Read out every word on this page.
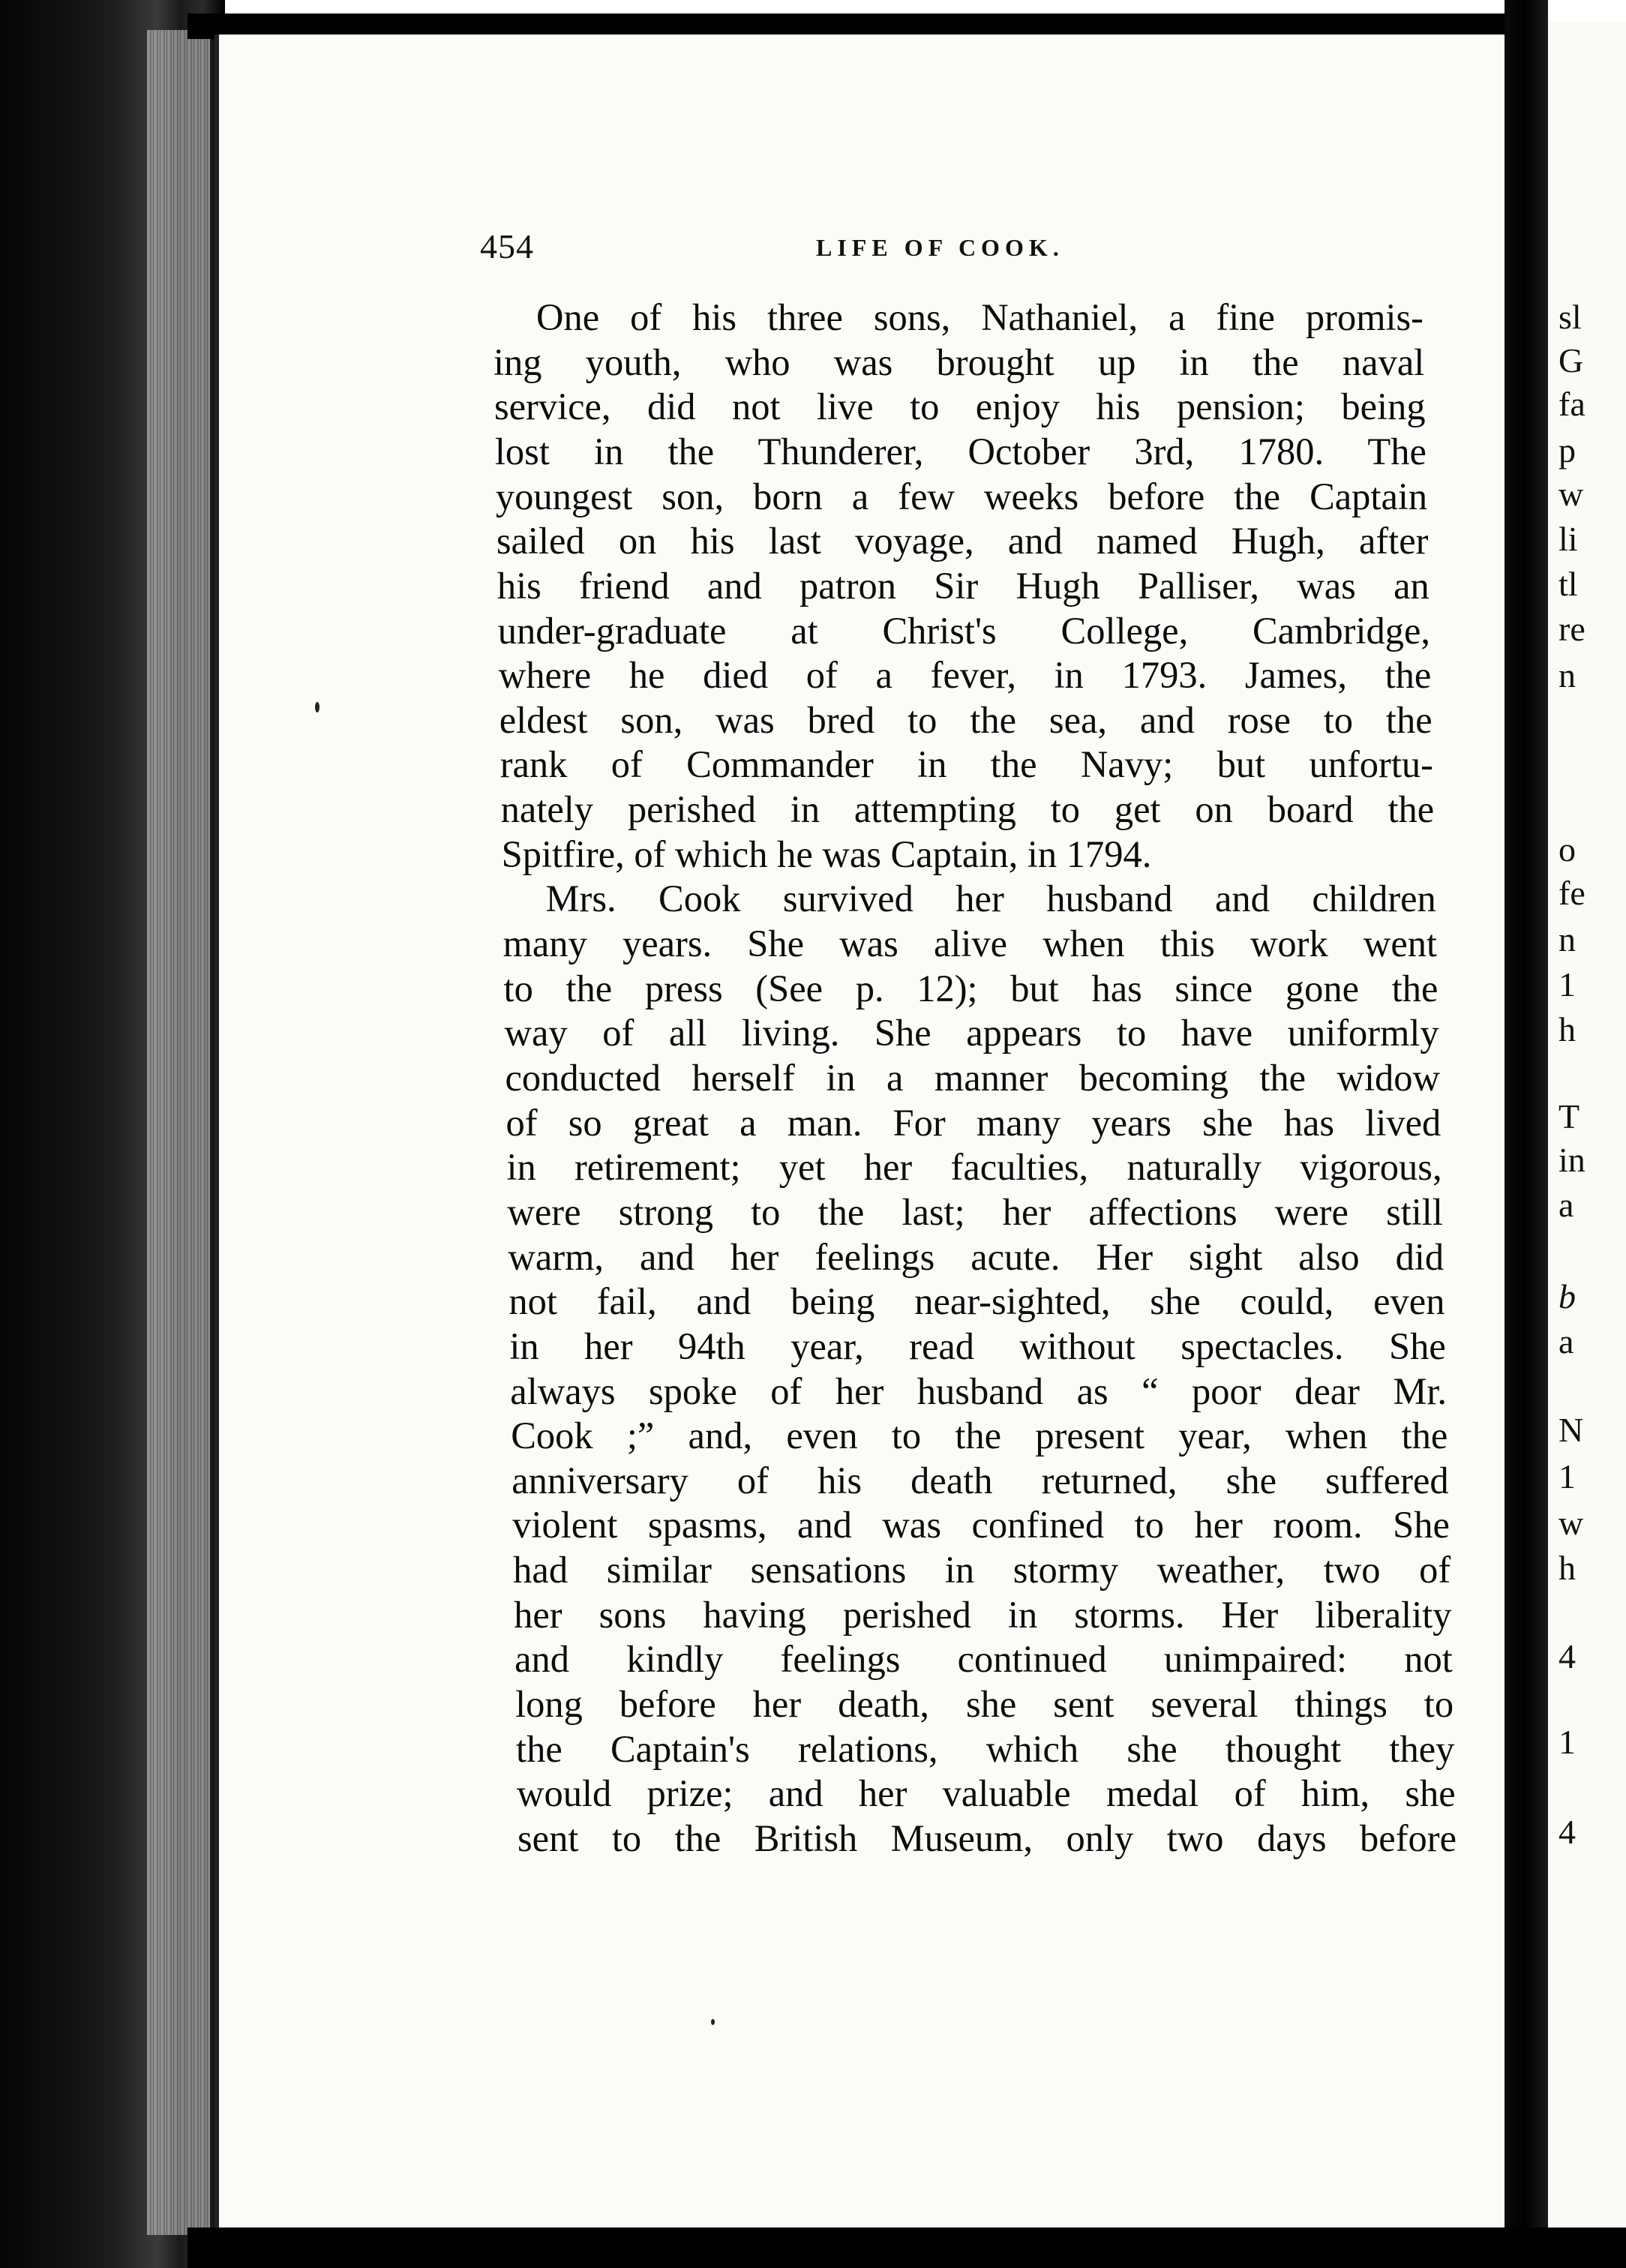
sl
G
fa
p
w
li
tl
re
n
o
fe
n
1
h
T
in
a
b
a
N
1
w
h
4
1
4
454	LIFE OF COOK.
One of his three sons, Nathaniel, a fine promis-
ing youth, who was brought up in the naval
service, did not live to enjoy his pension; being
lost in the Thunderer, October 3rd, 1780. The
youngest son, born a few weeks before the Captain
sailed on his last voyage, and named Hugh, after
his friend and patron Sir Hugh Palliser, was an
under-graduate at Christ's College, Cambridge,
where he died of a fever, in 1793. James, the
eldest son, was bred to the sea, and rose to the
rank of Commander in the Navy; but unfortu-
nately perished in attempting to get on board the
Spitfire, of which he was Captain, in 1794.
Mrs. Cook survived her husband and children
many years. She was alive when this work went
to the press (See p. 12); but has since gone the
way of all living. She appears to have uniformly
conducted herself in a manner becoming the widow
of so great a man. For many years she has lived
in retirement; yet her faculties, naturally vigorous,
were strong to the last; her affections were still
warm, and her feelings acute. Her sight also did
not fail, and being near-sighted, she could, even
in her 94th year, read without spectacles. She
always spoke of her husband as “ poor dear Mr.
Cook ;” and, even to the present year, when the
anniversary of his death returned, she suffered
violent spasms, and was confined to her room. She
had similar sensations in stormy weather, two of
her sons having perished in storms. Her liberality
and kindly feelings continued unimpaired: not
long before her death, she sent several things to
the Captain's relations, which she thought they
would prize; and her valuable medal of him, she
sent to the British Museum, only two days before
